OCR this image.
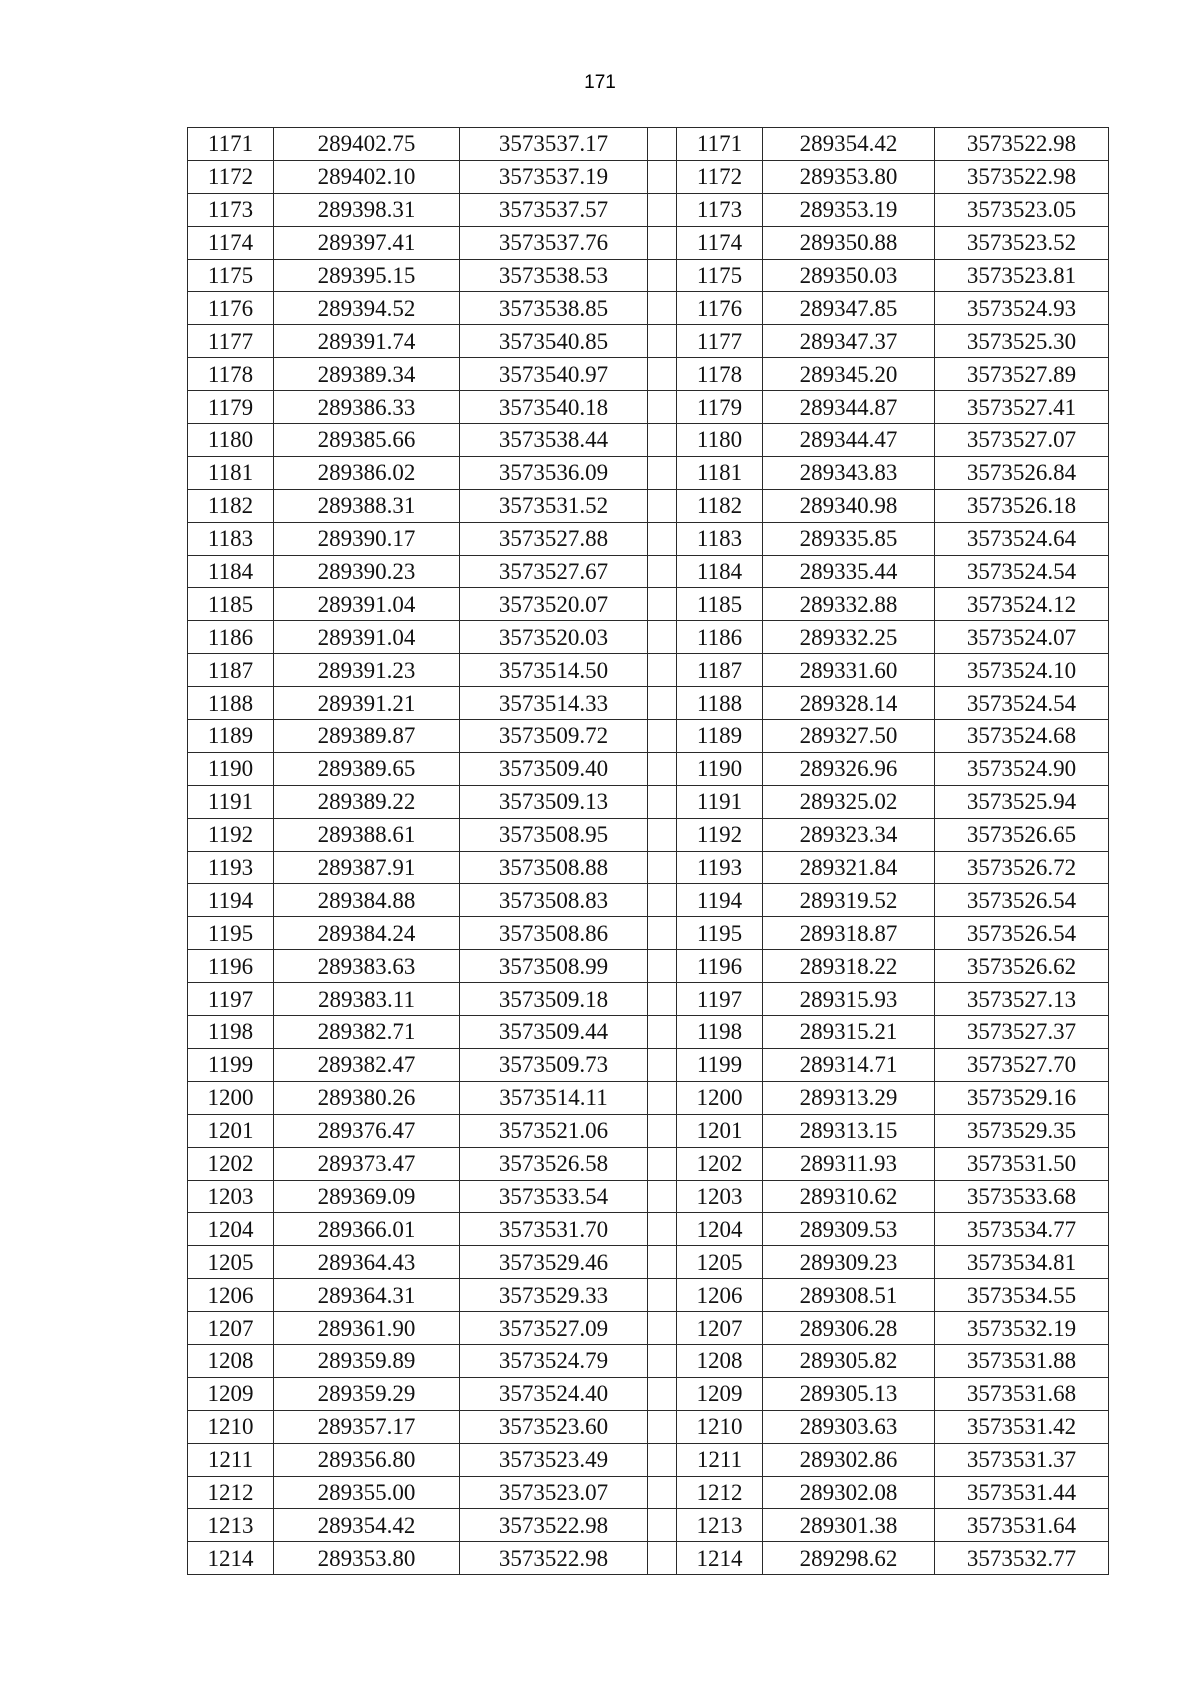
171
1171	289402.75	3573537.17		1171	289354.42	3573522.98
1172	289402.10	3573537.19		1172	289353.80	3573522.98
1173	289398.31	3573537.57		1173	289353.19	3573523.05
1174	289397.41	3573537.76		1174	289350.88	3573523.52
1175	289395.15	3573538.53		1175	289350.03	3573523.81
1176	289394.52	3573538.85		1176	289347.85	3573524.93
1177	289391.74	3573540.85		1177	289347.37	3573525.30
1178	289389.34	3573540.97		1178	289345.20	3573527.89
1179	289386.33	3573540.18		1179	289344.87	3573527.41
1180	289385.66	3573538.44		1180	289344.47	3573527.07
1181	289386.02	3573536.09		1181	289343.83	3573526.84
1182	289388.31	3573531.52		1182	289340.98	3573526.18
1183	289390.17	3573527.88		1183	289335.85	3573524.64
1184	289390.23	3573527.67		1184	289335.44	3573524.54
1185	289391.04	3573520.07		1185	289332.88	3573524.12
1186	289391.04	3573520.03		1186	289332.25	3573524.07
1187	289391.23	3573514.50		1187	289331.60	3573524.10
1188	289391.21	3573514.33		1188	289328.14	3573524.54
1189	289389.87	3573509.72		1189	289327.50	3573524.68
1190	289389.65	3573509.40		1190	289326.96	3573524.90
1191	289389.22	3573509.13		1191	289325.02	3573525.94
1192	289388.61	3573508.95		1192	289323.34	3573526.65
1193	289387.91	3573508.88		1193	289321.84	3573526.72
1194	289384.88	3573508.83		1194	289319.52	3573526.54
1195	289384.24	3573508.86		1195	289318.87	3573526.54
1196	289383.63	3573508.99		1196	289318.22	3573526.62
1197	289383.11	3573509.18		1197	289315.93	3573527.13
1198	289382.71	3573509.44		1198	289315.21	3573527.37
1199	289382.47	3573509.73		1199	289314.71	3573527.70
1200	289380.26	3573514.11		1200	289313.29	3573529.16
1201	289376.47	3573521.06		1201	289313.15	3573529.35
1202	289373.47	3573526.58		1202	289311.93	3573531.50
1203	289369.09	3573533.54		1203	289310.62	3573533.68
1204	289366.01	3573531.70		1204	289309.53	3573534.77
1205	289364.43	3573529.46		1205	289309.23	3573534.81
1206	289364.31	3573529.33		1206	289308.51	3573534.55
1207	289361.90	3573527.09		1207	289306.28	3573532.19
1208	289359.89	3573524.79		1208	289305.82	3573531.88
1209	289359.29	3573524.40		1209	289305.13	3573531.68
1210	289357.17	3573523.60		1210	289303.63	3573531.42
1211	289356.80	3573523.49		1211	289302.86	3573531.37
1212	289355.00	3573523.07		1212	289302.08	3573531.44
1213	289354.42	3573522.98		1213	289301.38	3573531.64
1214	289353.80	3573522.98		1214	289298.62	3573532.77
